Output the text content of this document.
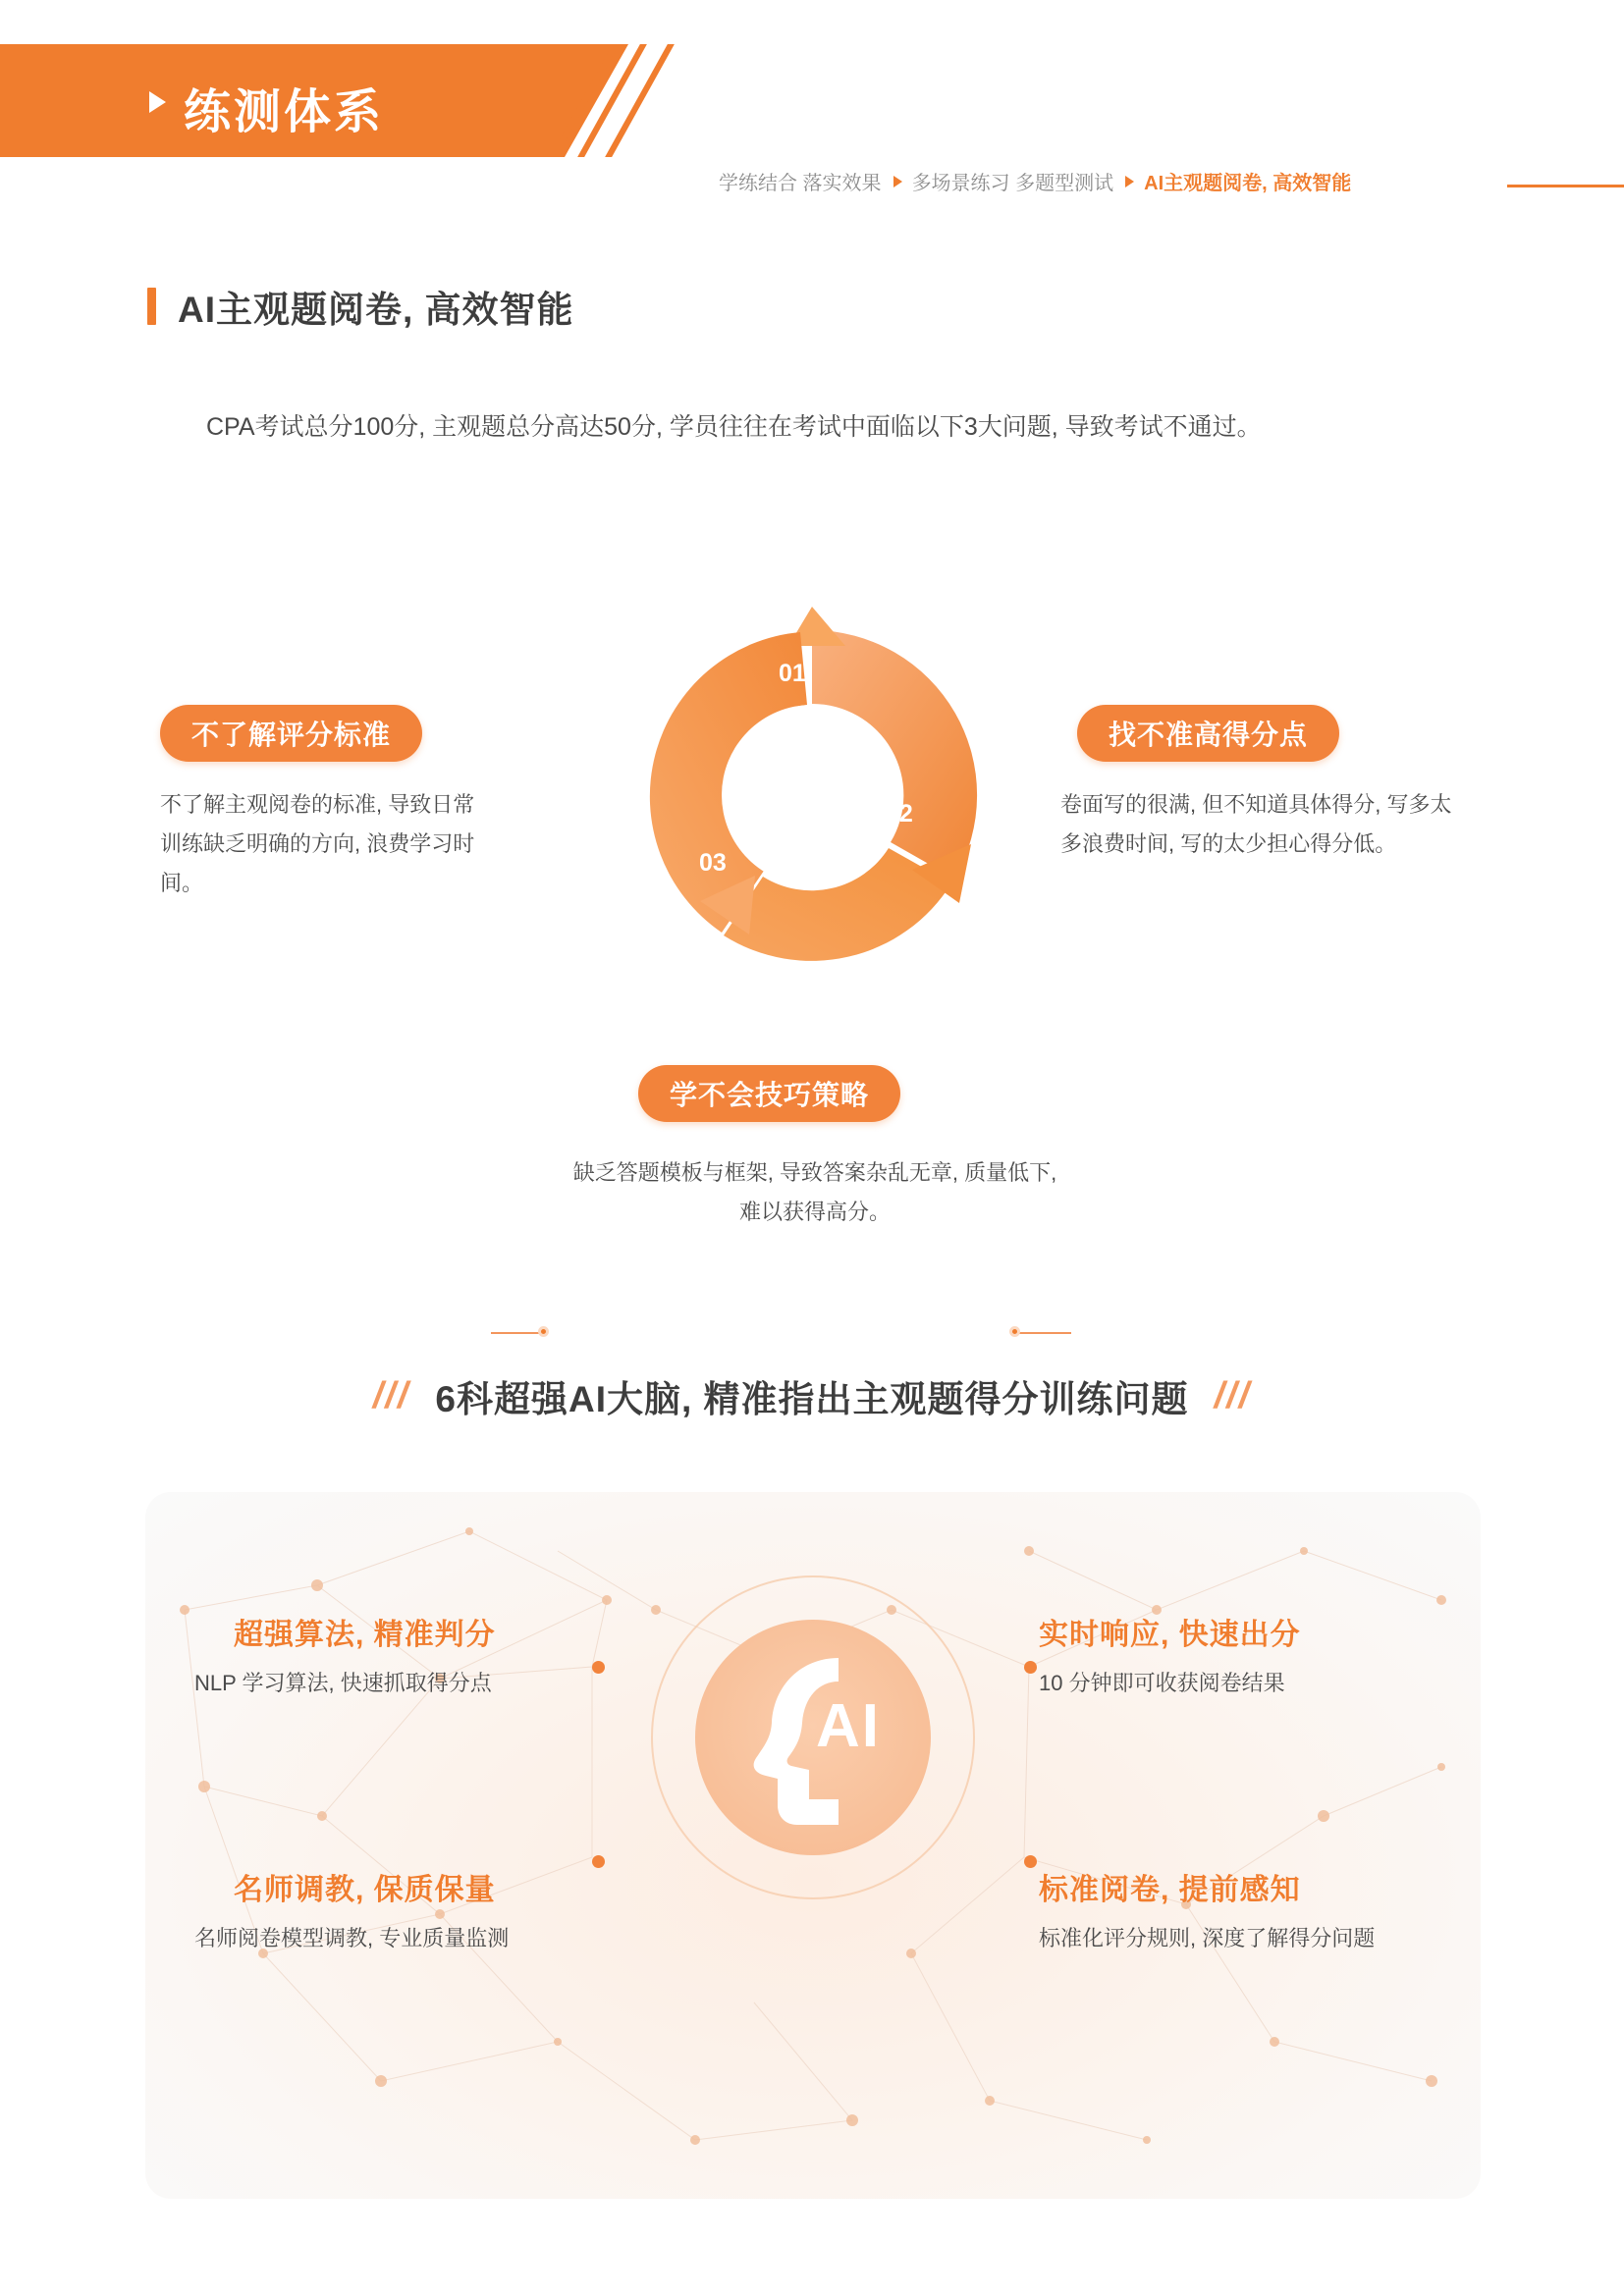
练测体系
学练结合 落实效果 多场景练习 多题型测试 AI主观题阅卷, 高效智能
AI主观题阅卷, 高效智能
CPA考试总分100分, 主观题总分高达50分, 学员往往在考试中面临以下3大问题, 导致考试不通过。
01
02
03
不了解评分标准
不了解主观阅卷的标准, 导致日常训练缺乏明确的方向, 浪费学习时间。
找不准高得分点
卷面写的很满, 但不知道具体得分, 写多太多浪费时间, 写的太少担心得分低。
学不会技巧策略
缺乏答题模板与框架, 导致答案杂乱无章, 质量低下, 难以获得高分。
/// 6科超强AI大脑, 精准指出主观题得分训练问题 ///
AI
超强算法, 精准判分
NLP 学习算法, 快速抓取得分点
实时响应, 快速出分
10 分钟即可收获阅卷结果
名师调教, 保质保量
名师阅卷模型调教, 专业质量监测
标准阅卷, 提前感知
标准化评分规则, 深度了解得分问题
